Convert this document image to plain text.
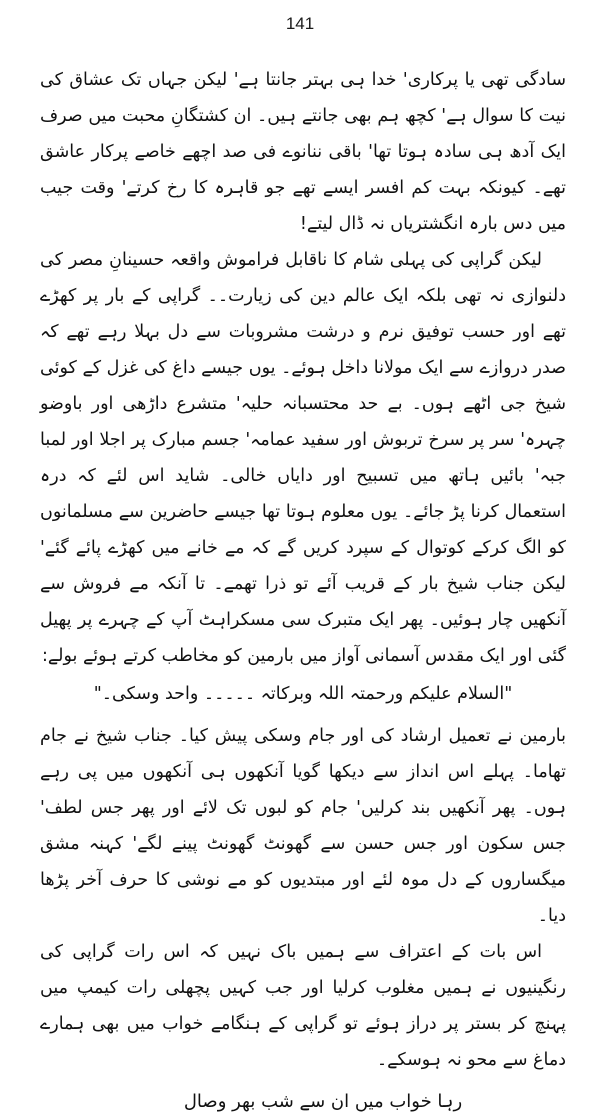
141

سادگی تھی یا پرکاری' خدا ہی بہتر جانتا ہے' لیکن جہاں تک عشاق کی نیت کا سوال ہے' کچھ ہم بھی جانتے ہیں۔ ان کشتگانِ محبت میں صرف ایک آدھ ہی سادہ ہوتا تھا' باقی ننانوے فی صد اچھے خاصے پرکار عاشق تھے۔ کیونکہ بہت کم افسر ایسے تھے جو قاہرہ کا رخ کرتے' وقت جیب میں دس بارہ انگشتریاں نہ ڈال لیتے!

لیکن گراپی کی پہلی شام کا ناقابل فراموش واقعہ حسینانِ مصر کی دلنوازی نہ تھی بلکہ ایک عالم دین کی زیارت۔۔ گراپی کے بار پر کھڑے تھے اور حسب توفیق نرم و درشت مشروبات سے دل بہلا رہے تھے کہ صدر دروازے سے ایک مولانا داخل ہوئے۔ یوں جیسے داغ کی غزل کے کوئی شیخ جی اٹھے ہوں۔ بے حد محتسبانہ حلیہ' متشرع داڑھی اور باوضو چہرہ' سر پر سرخ تربوش اور سفید عمامہ' جسم مبارک پر اجلا اور لمبا جبہ' بائیں ہاتھ میں تسبیح اور دایاں خالی۔ شاید اس لئے کہ درہ استعمال کرنا پڑ جائے۔ یوں معلوم ہوتا تھا جیسے حاضرین سے مسلمانوں کو الگ کرکے کوتوال کے سپرد کریں گے کہ مے خانے میں کھڑے پائے گئے' لیکن جناب شیخ بار کے قریب آئے تو ذرا تھمے۔ تا آنکہ مے فروش سے آنکھیں چار ہوئیں۔ پھر ایک متبرک سی مسکراہٹ آپ کے چہرے پر پھیل گئی اور ایک مقدس آسمانی آواز میں بارمین کو مخاطب کرتے ہوئے بولے:

"السلام علیکم ورحمتہ اللہ وبرکاتہ ۔۔۔۔۔ واحد وسکی۔"

بارمین نے تعمیل ارشاد کی اور جام وسکی پیش کیا۔ جناب شیخ نے جام تھاما۔ پہلے اس انداز سے دیکھا گویا آنکھوں ہی آنکھوں میں پی رہے ہوں۔ پھر آنکھیں بند کرلیں' جام کو لبوں تک لائے اور پھر جس لطف' جس سکون اور جس حسن سے گھونٹ گھونٹ پینے لگے' کہنہ مشق میگساروں کے دل موہ لئے اور مبتدیوں کو مے نوشی کا حرف آخر پڑھا دیا۔

اس بات کے اعتراف سے ہمیں باک نہیں کہ اس رات گراپی کی رنگینیوں نے ہمیں مغلوب کرلیا اور جب کہیں پچھلی رات کیمپ میں پہنچ کر بستر پر دراز ہوئے تو گراپی کے ہنگامے خواب میں بھی ہمارے دماغ سے محو نہ ہوسکے۔

رہا خواب میں ان سے شب بھر وصال
